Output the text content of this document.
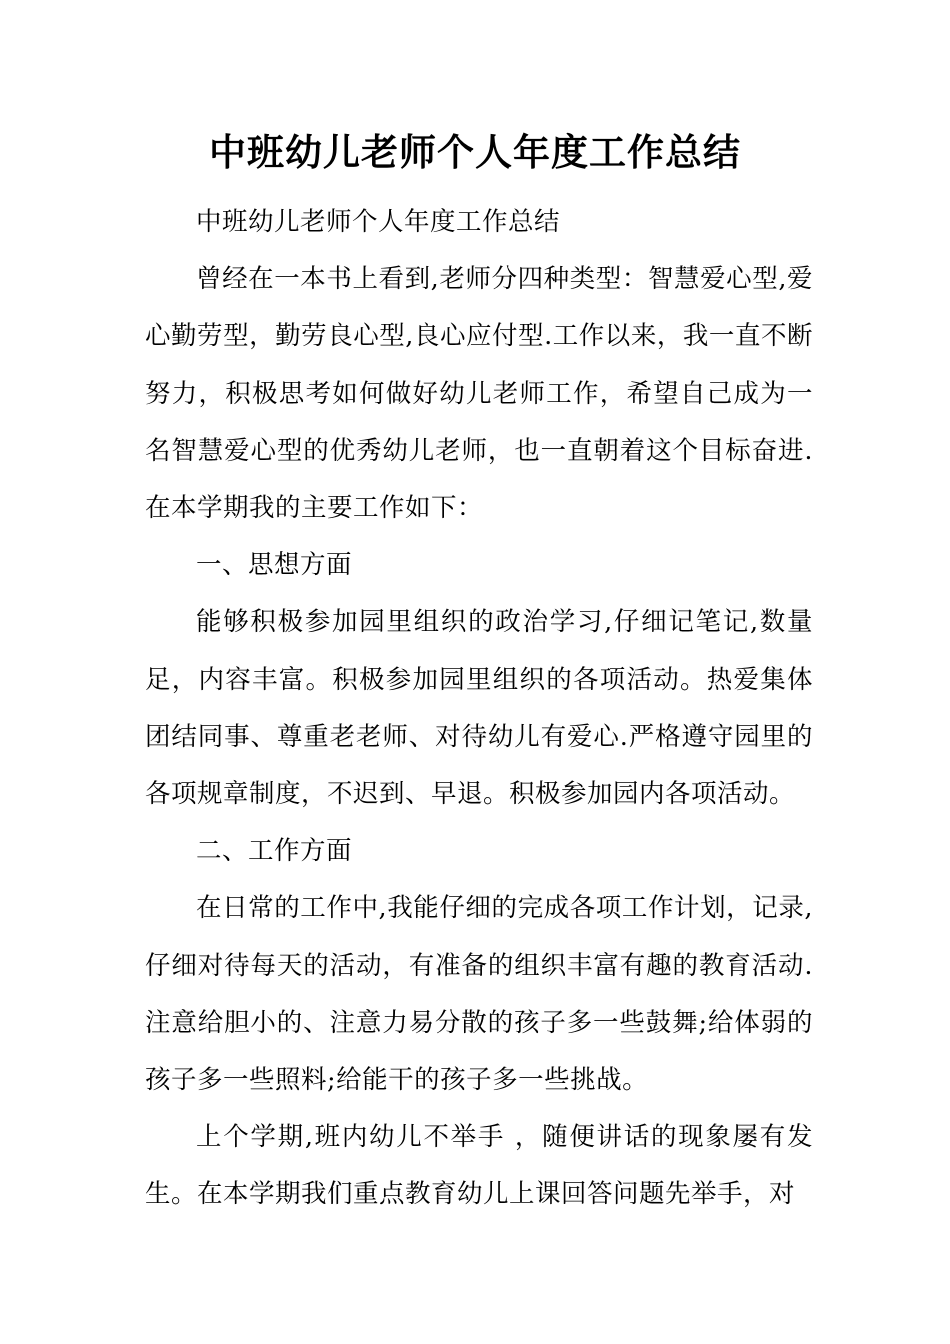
中班幼儿老师个人年度工作总结

中班幼儿老师个人年度工作总结

曾经在一本书上看到,老师分四种类型：智慧爱心型,爱心勤劳型，勤劳良心型,良心应付型.工作以来，我一直不断努力，积极思考如何做好幼儿老师工作，希望自己成为一名智慧爱心型的优秀幼儿老师，也一直朝着这个目标奋进.在本学期我的主要工作如下：

一、思想方面

能够积极参加园里组织的政治学习,仔细记笔记,数量足，内容丰富。积极参加园里组织的各项活动。热爱集体团结同事、尊重老老师、对待幼儿有爱心.严格遵守园里的各项规章制度，不迟到、早退。积极参加园内各项活动。

二、工作方面

在日常的工作中,我能仔细的完成各项工作计划，记录,仔细对待每天的活动，有准备的组织丰富有趣的教育活动.注意给胆小的、注意力易分散的孩子多一些鼓舞;给体弱的孩子多一些照料;给能干的孩子多一些挑战。

上个学期,班内幼儿不举手 ，随便讲话的现象屡有发生。在本学期我们重点教育幼儿上课回答问题先举手，对
